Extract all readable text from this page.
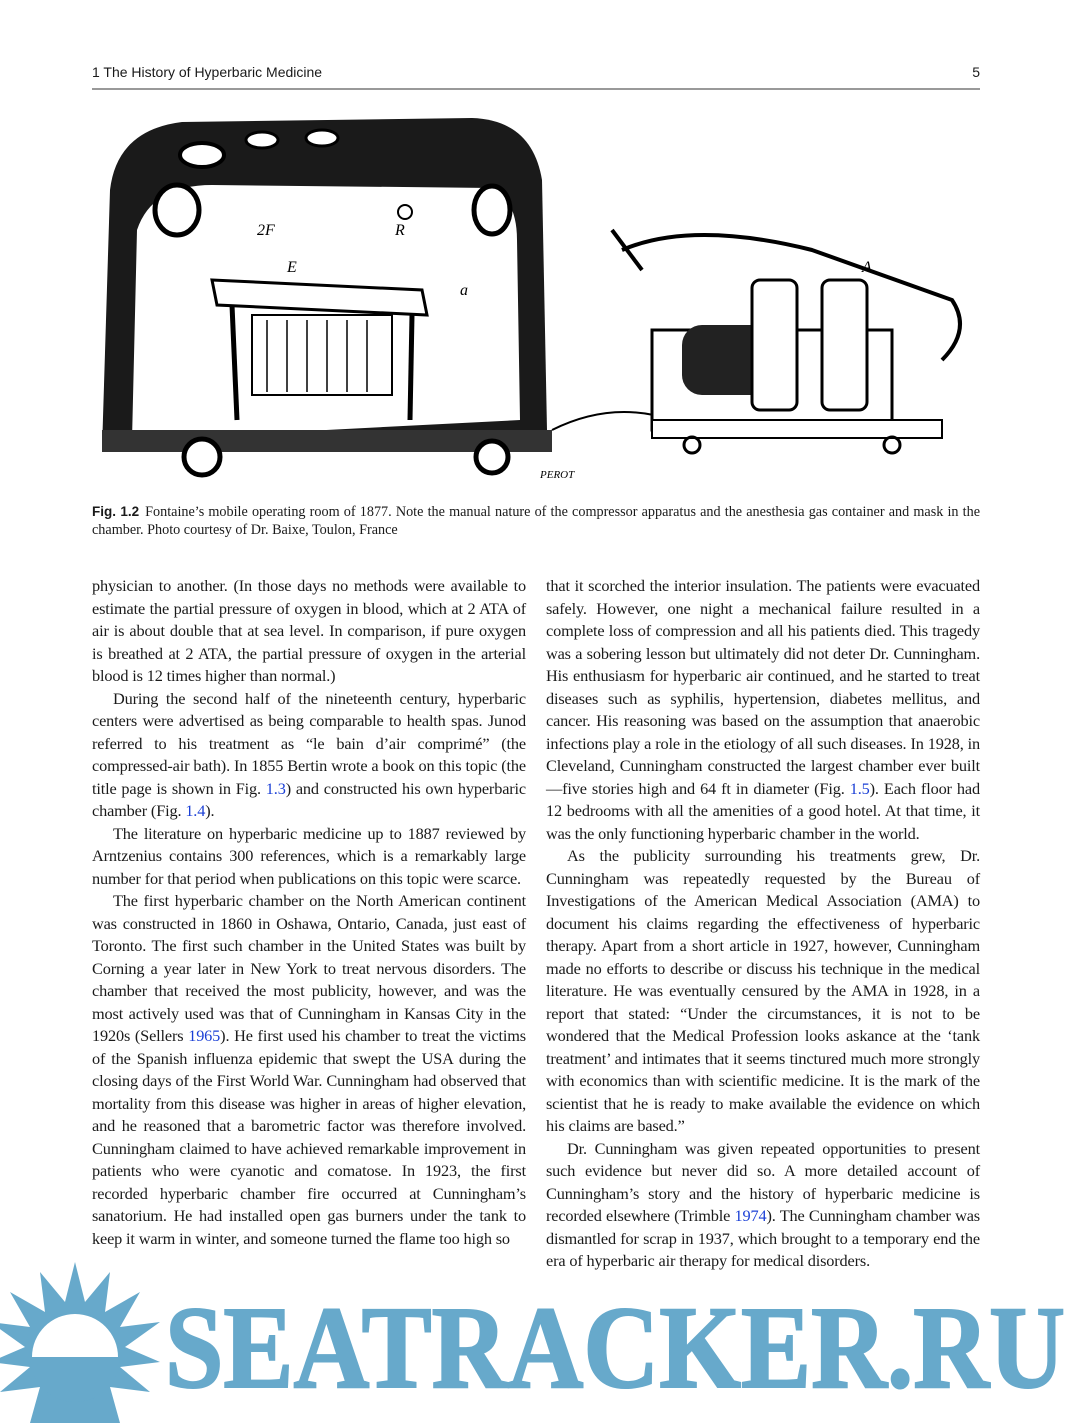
1 The History of Hyperbaric Medicine	5
2F
E
R
a
A
PEROT
Fig. 1.2 Fontaine’s mobile operating room of 1877. Note the manual nature of the compressor apparatus and the anesthesia gas container and mask in the chamber. Photo courtesy of Dr. Baixe, Toulon, France

physician to another. (In those days no methods were available to estimate the partial pressure of oxygen in blood, which at 2 ATA of air is about double that at sea level. In comparison, if pure oxygen is breathed at 2 ATA, the partial pressure of oxygen in the arterial blood is 12 times higher than normal.)

During the second half of the nineteenth century, hyperbaric centers were advertised as being comparable to health spas. Junod referred to his treatment as “le bain d’air comprimé” (the compressed-air bath). In 1855 Bertin wrote a book on this topic (the title page is shown in Fig. 1.3) and constructed his own hyperbaric chamber (Fig. 1.4).

The literature on hyperbaric medicine up to 1887 reviewed by Arntzenius contains 300 references, which is a remarkably large number for that period when publications on this topic were scarce.

The first hyperbaric chamber on the North American continent was constructed in 1860 in Oshawa, Ontario, Canada, just east of Toronto. The first such chamber in the United States was built by Corning a year later in New York to treat nervous disorders. The chamber that received the most publicity, however, and was the most actively used was that of Cunningham in Kansas City in the 1920s (Sellers 1965). He first used his chamber to treat the victims of the Spanish influenza epidemic that swept the USA during the closing days of the First World War. Cunningham had observed that mortality from this disease was higher in areas of higher elevation, and he reasoned that a barometric factor was therefore involved. Cunningham claimed to have achieved remarkable improvement in patients who were cyanotic and comatose. In 1923, the first recorded hyperbaric chamber fire occurred at Cunningham’s sanatorium. He had installed open gas burners under the tank to keep it warm in winter, and someone turned the flame too high so

that it scorched the interior insulation. The patients were evacuated safely. However, one night a mechanical failure resulted in a complete loss of compression and all his patients died. This tragedy was a sobering lesson but ultimately did not deter Dr. Cunningham. His enthusiasm for hyperbaric air continued, and he started to treat diseases such as syphilis, hypertension, diabetes mellitus, and cancer. His reasoning was based on the assumption that anaerobic infections play a role in the etiology of all such diseases. In 1928, in Cleveland, Cunningham constructed the largest chamber ever built—five stories high and 64 ft in diameter (Fig. 1.5). Each floor had 12 bedrooms with all the amenities of a good hotel. At that time, it was the only functioning hyperbaric chamber in the world.

As the publicity surrounding his treatments grew, Dr. Cunningham was repeatedly requested by the Bureau of Investigations of the American Medical Association (AMA) to document his claims regarding the effectiveness of hyperbaric therapy. Apart from a short article in 1927, however, Cunningham made no efforts to describe or discuss his technique in the medical literature. He was eventually censured by the AMA in 1928, in a report that stated: “Under the circumstances, it is not to be wondered that the Medical Profession looks askance at the ‘tank treatment’ and intimates that it seems tinctured much more strongly with economics than with scientific medicine. It is the mark of the scientist that he is ready to make available the evidence on which his claims are based.”

Dr. Cunningham was given repeated opportunities to present such evidence but never did so. A more detailed account of Cunningham’s story and the history of hyperbaric medicine is recorded elsewhere (Trimble 1974). The Cunningham chamber was dismantled for scrap in 1937, which brought to a temporary end the era of hyperbaric air therapy for medical disorders.

SEATRACKER.RU
